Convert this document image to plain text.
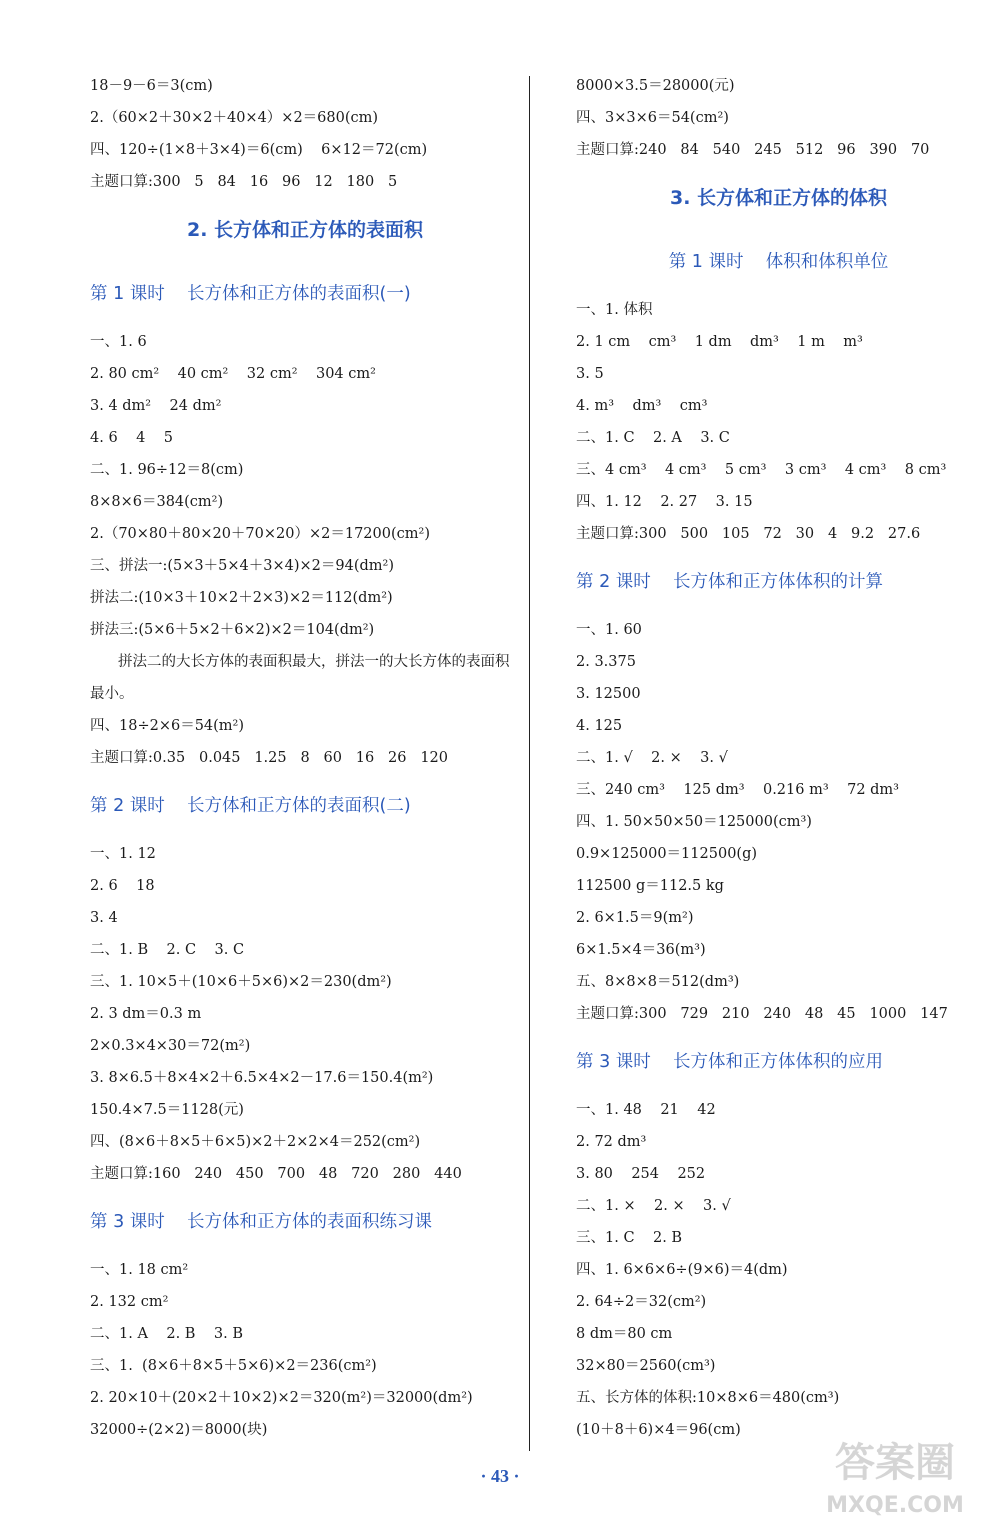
18－9－6＝3(cm)
2.（60×2＋30×2＋40×4）×2＝680(cm)
四、120÷(1×8＋3×4)＝6(cm)    6×12＝72(cm)
主题口算:300   5   84   16   96   12   180   5
2. 长方体和正方体的表面积
第 1 课时    长方体和正方体的表面积(一)
一、1. 6
2. 80 cm²    40 cm²    32 cm²    304 cm²
3. 4 dm²    24 dm²
4. 6    4    5
二、1. 96÷12＝8(cm)
8×8×6＝384(cm²)
2.（70×80＋80×20＋70×20）×2＝17200(cm²)
三、拼法一:(5×3＋5×4＋3×4)×2＝94(dm²)
拼法二:(10×3＋10×2＋2×3)×2＝112(dm²)
拼法三:(5×6＋5×2＋6×2)×2＝104(dm²)
拼法二的大长方体的表面积最大，拼法一的大长方体的表面积最小。
四、18÷2×6＝54(m²)
主题口算:0.35   0.045   1.25   8   60   16   26   120
第 2 课时    长方体和正方体的表面积(二)
一、1. 12
2. 6    18
3. 4
二、1. B    2. C    3. C
三、1. 10×5＋(10×6＋5×6)×2＝230(dm²)
2. 3 dm＝0.3 m
2×0.3×4×30＝72(m²)
3. 8×6.5＋8×4×2＋6.5×4×2－17.6＝150.4(m²)
150.4×7.5＝1128(元)
四、(8×6＋8×5＋6×5)×2＋2×2×4＝252(cm²)
主题口算:160   240   450   700   48   720   280   440
第 3 课时    长方体和正方体的表面积练习课
一、1. 18 cm²
2. 132 cm²
二、1. A    2. B    3. B
三、1.  (8×6＋8×5＋5×6)×2＝236(cm²)
2. 20×10＋(20×2＋10×2)×2＝320(m²)＝32000(dm²)
32000÷(2×2)＝8000(块)
8000×3.5＝28000(元)
四、3×3×6＝54(cm²)
主题口算:240   84   540   245   512   96   390   70
3. 长方体和正方体的体积
第 1 课时    体积和体积单位
一、1. 体积
2. 1 cm    cm³    1 dm    dm³    1 m    m³
3. 5
4. m³    dm³    cm³
二、1. C    2. A    3. C
三、4 cm³    4 cm³    5 cm³    3 cm³    4 cm³    8 cm³
四、1. 12    2. 27    3. 15
主题口算:300   500   105   72   30   4   9.2   27.6
第 2 课时    长方体和正方体体积的计算
一、1. 60
2. 3.375
3. 12500
4. 125
二、1. √    2. ×    3. √
三、240 cm³    125 dm³    0.216 m³    72 dm³
四、1. 50×50×50＝125000(cm³)
0.9×125000＝112500(g)
112500 g＝112.5 kg
2. 6×1.5＝9(m²)
6×1.5×4＝36(m³)
五、8×8×8＝512(dm³)
主题口算:300   729   210   240   48   45   1000   147
第 3 课时    长方体和正方体体积的应用
一、1. 48    21    42
2. 72 dm³
3. 80    254    252
二、1. ×    2. ×    3. √
三、1. C    2. B
四、1. 6×6×6÷(9×6)＝4(dm)
2. 64÷2＝32(cm²)
8 dm＝80 cm
32×80＝2560(cm³)
五、长方体的体积:10×8×6＝480(cm³)
(10＋8＋6)×4＝96(cm)
· 43 ·	答案圈
MXQE.COM
